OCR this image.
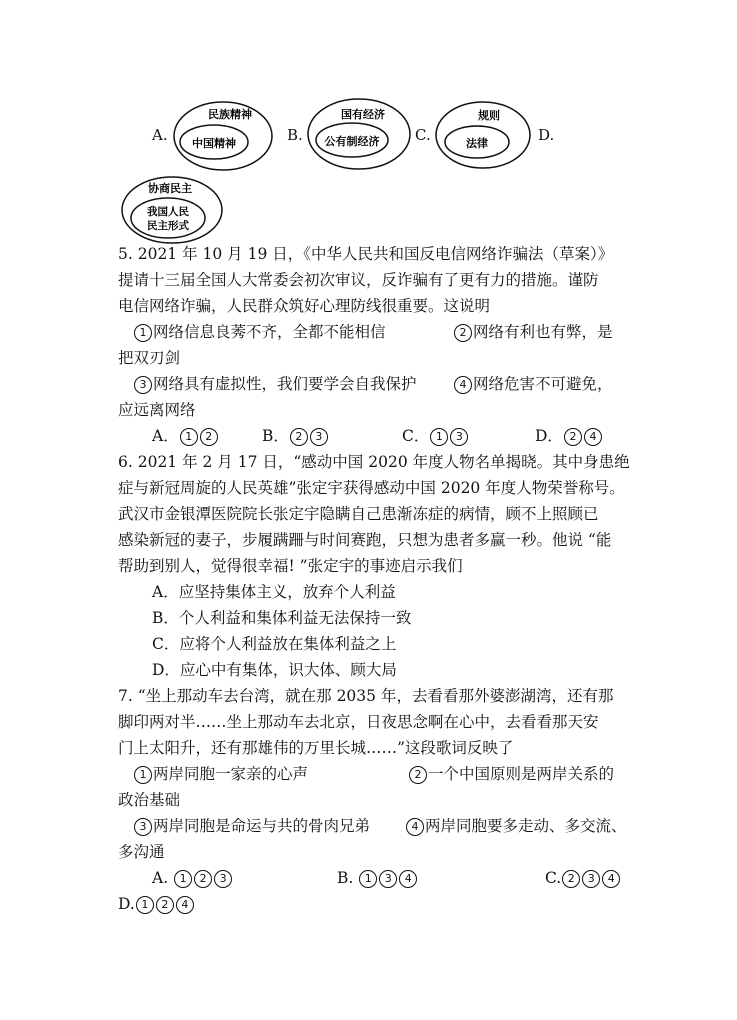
A.
民族精神
中国精神	B.
国有经济
公有制经济 C.
规则
法律	D.
协商民主
我国人民
民主形式
5. 2021 年 10 月 19 日，《中华人民共和国反电信网络诈骗法（草案）》
提请十三届全国人大常委会初次审议，反诈骗有了更有力的措施。谨防
电信网络诈骗，人民群众筑好心理防线很重要。这说明
1 网络信息良莠不齐，全都不能相信	2 网络有利也有弊，是
把双刃剑
3 网络具有虚拟性，我们要学会自我保护	4 网络危害不可避免，
应远离网络
A． 1 2	B． 2 3	C． 1 3	D． 2 4
6. 2021 年 2 月 17 日，“感动中国 2020 年度人物名单揭晓。其中身患绝
症与新冠周旋的人民英雄”张定宇获得感动中国 2020 年度人物荣誉称号。
武汉市金银潭医院院长张定宇隐瞒自己患渐冻症的病情，顾不上照顾已
感染新冠的妻子，步履蹒跚与时间赛跑，只想为患者多赢一秒。他说 “能
帮助到别人，觉得很幸福! ”张定宇的事迹启示我们
A．应坚持集体主义，放弃个人利益
B．个人利益和集体利益无法保持一致
C．应将个人利益放在集体利益之上
D．应心中有集体，识大体、顾大局
7. “坐上那动车去台湾，就在那 2035 年，去看看那外婆澎湖湾，还有那
脚印两对半……坐上那动车去北京，日夜思念啊在心中，去看看那天安
门上太阳升，还有那雄伟的万里长城……”这段歌词反映了
1 两岸同胞一家亲的心声	2 一个中国原则是两岸关系的
政治基础
3 两岸同胞是命运与共的骨肉兄弟	4 两岸同胞要多走动、多交流、
多沟通
A. 1 2 3	B. 1 3 4	C. 2 3 4
D. 1 2 4
